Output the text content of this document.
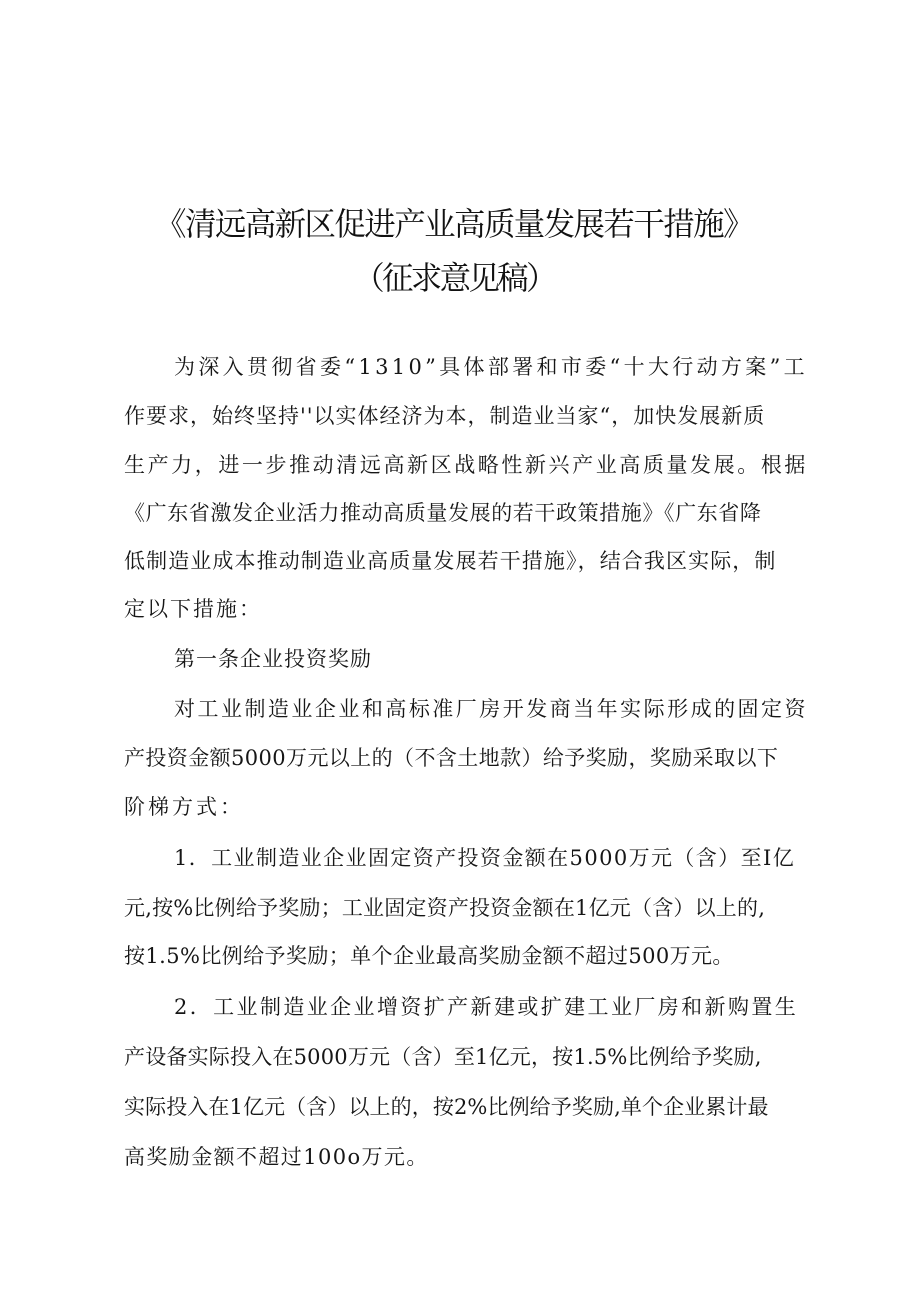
《清远高新区促进产业高质量发展若干措施》
（征求意见稿）
为深入贯彻省委“1310”具体部署和市委“十大行动方案”工
作要求，始终坚持''以实体经济为本，制造业当家“，加快发展新质
生产力，进一步推动清远高新区战略性新兴产业高质量发展。根据
《广东省激发企业活力推动高质量发展的若干政策措施》《广东省降
低制造业成本推动制造业高质量发展若干措施》，结合我区实际，制
定以下措施：
第一条企业投资奖励
对工业制造业企业和高标准厂房开发商当年实际形成的固定资
产投资金额5000万元以上的（不含土地款）给予奖励，奖励采取以下
阶梯方式：
1．工业制造业企业固定资产投资金额在5000万元（含）至I亿
元,按%比例给予奖励；工业固定资产投资金额在1亿元（含）以上的,
按1.5%比例给予奖励；单个企业最高奖励金额不超过500万元。
2．工业制造业企业增资扩产新建或扩建工业厂房和新购置生
产设备实际投入在5000万元（含）至1亿元，按1.5%比例给予奖励,
实际投入在1亿元（含）以上的，按2%比例给予奖励,单个企业累计最
高奖励金额不超过100o万元。
